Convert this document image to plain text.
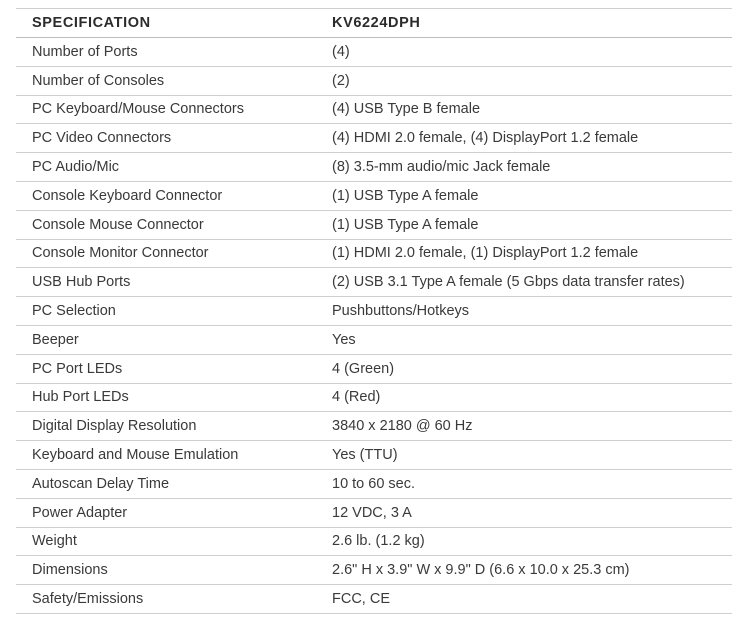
SPECIFICATION	KV6224DPH
Number of Ports	(4)
Number of Consoles	(2)
PC Keyboard/Mouse Connectors	(4) USB Type B female
PC Video Connectors	(4) HDMI 2.0 female, (4) DisplayPort 1.2 female
PC Audio/Mic	(8) 3.5-mm audio/mic Jack female
Console Keyboard Connector	(1) USB Type A female
Console Mouse Connector	(1) USB Type A female
Console Monitor Connector	(1) HDMI 2.0 female, (1) DisplayPort 1.2 female
USB Hub Ports	(2) USB 3.1 Type A female (5 Gbps data transfer rates)
PC Selection	Pushbuttons/Hotkeys
Beeper	Yes
PC Port LEDs	4 (Green)
Hub Port LEDs	4 (Red)
Digital Display Resolution	3840 x 2180 @ 60 Hz
Keyboard and Mouse Emulation	Yes (TTU)
Autoscan Delay Time	10 to 60 sec.
Power Adapter	12 VDC, 3 A
Weight	2.6 lb. (1.2 kg)
Dimensions	2.6" H x 3.9" W x 9.9" D (6.6 x 10.0 x 25.3 cm)
Safety/Emissions	FCC, CE
